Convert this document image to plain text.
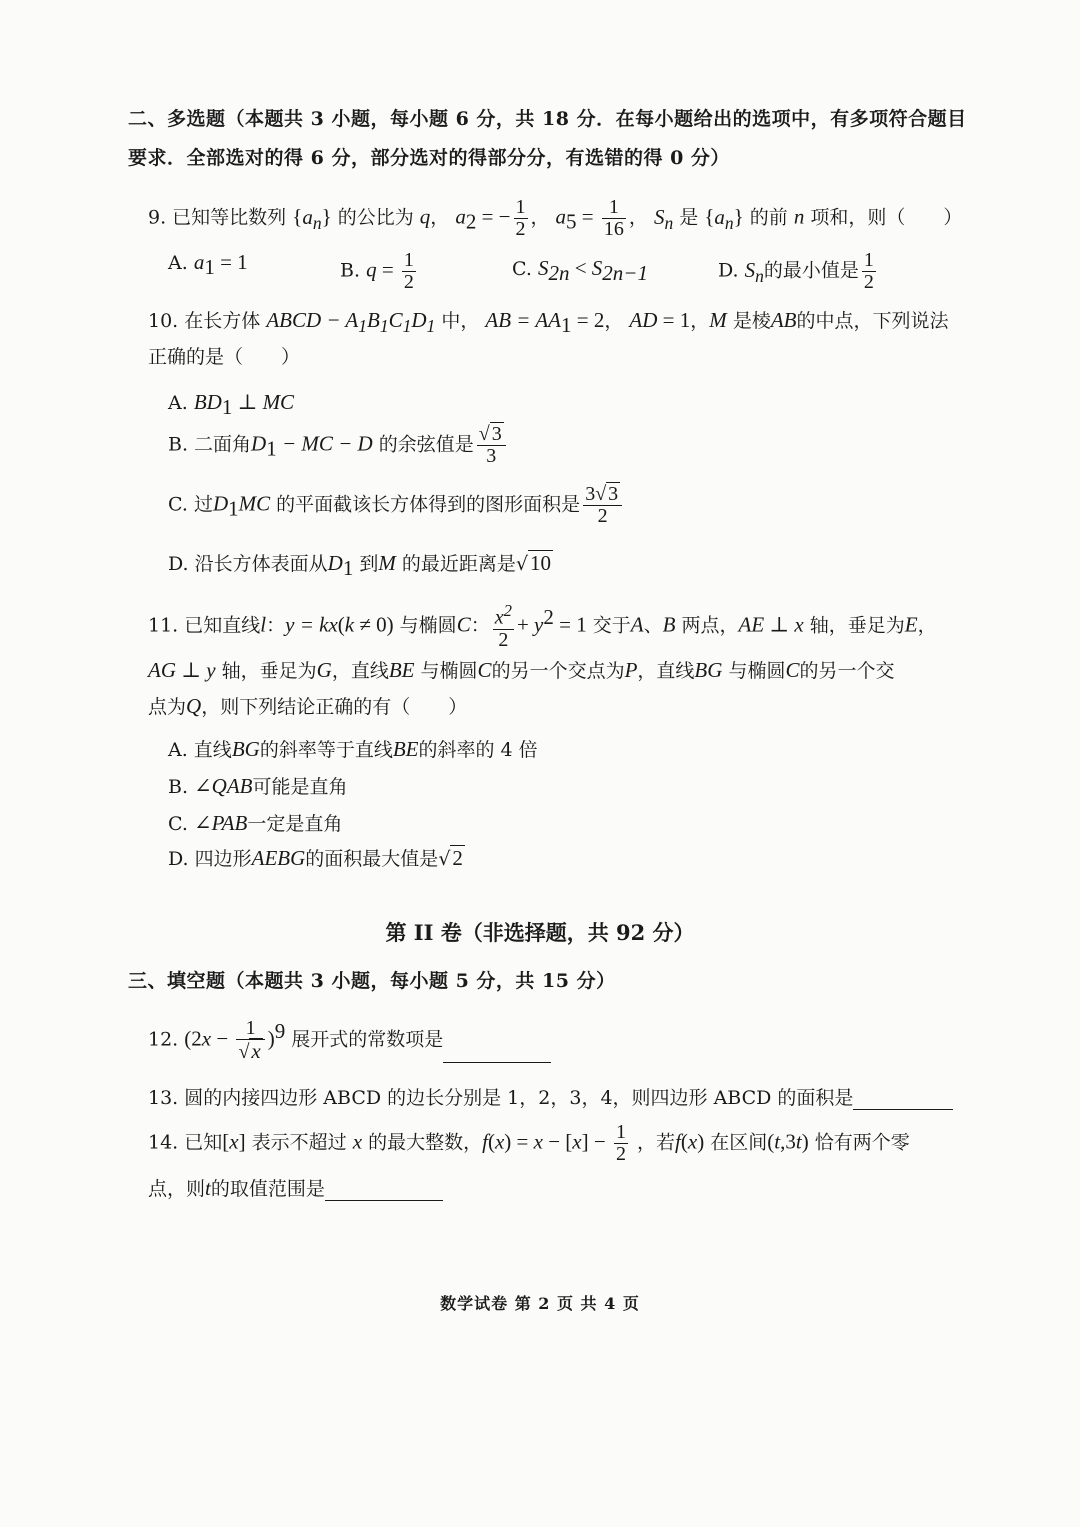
二、多选题（本题共 3 小题，每小题 6 分，共 18 分．在每小题给出的选项中，有多项符合题目
要求．全部选对的得 6 分，部分选对的得部分分，有选错的得 0 分）
9. 已知等比数列 $\{a_n\}$ 的公比为 q， $a_2$ = − $\frac{1}{2}$ ， $a_5 = \frac{1}{16}$ ， $S_n$ 是 $\{a_n\}$ 的前 n 项和，则（　　）
A. $a_1 = 1$	B. $q = \frac{1}{2}$	C. $S_{2n} < S_{2n-1}$	D. $S_n$的最小值是 $\frac{1}{2}$
10. 在长方体 ABCD − $A_1B_1C_1D_1$ 中， AB = $AA_1 = 2$， AD = 1，M 是棱AB的中点，下列说法
正确的是（　　）
A. $BD_1$ ⊥ MC
B. 二面角$D_1$ − MC − D 的余弦值是 $\frac{√ 3}{3}$
C. 过$D_1MC$ 的平面截该长方体得到的图形面积是 $\frac{3√ 3}{2}$
D. 沿长方体表面从$D_1$ 到M 的最近距离是√10
11. 已知直线l：y = kx(k ≠ 0) 与椭圆C： $\frac{x^2}{2} + y^2 = 1$ 交于A、B 两点，AE ⊥ x 轴，垂足为E，
AG ⊥ y 轴，垂足为G，直线BE 与椭圆C的另一个交点为P，直线BG 与椭圆C的另一个交
点为Q，则下列结论正确的有（　　）
A. 直线BG的斜率等于直线BE的斜率的 4 倍
B. ∠QAB可能是直角
C. ∠PAB一定是直角
D. 四边形AEBG的面积最大值是√2
第 II 卷（非选择题，共 92 分）
三、填空题（本题共 3 小题，每小题 5 分，共 15 分）
12. $(2x - \frac{1}{√x} )^9$ 展开式的常数项是
13. 圆的内接四边形 ABCD 的边长分别是 1，2，3，4，则四边形 ABCD 的面积是
14. 已知[x] 表示不超过 x 的最大整数，$f(x) = x - [x] - \frac{1}{2}$ ，若f(x) 在区间(t,3t) 恰有两个零
点，则t的取值范围是
数学试卷 第 2 页 共 4 页
